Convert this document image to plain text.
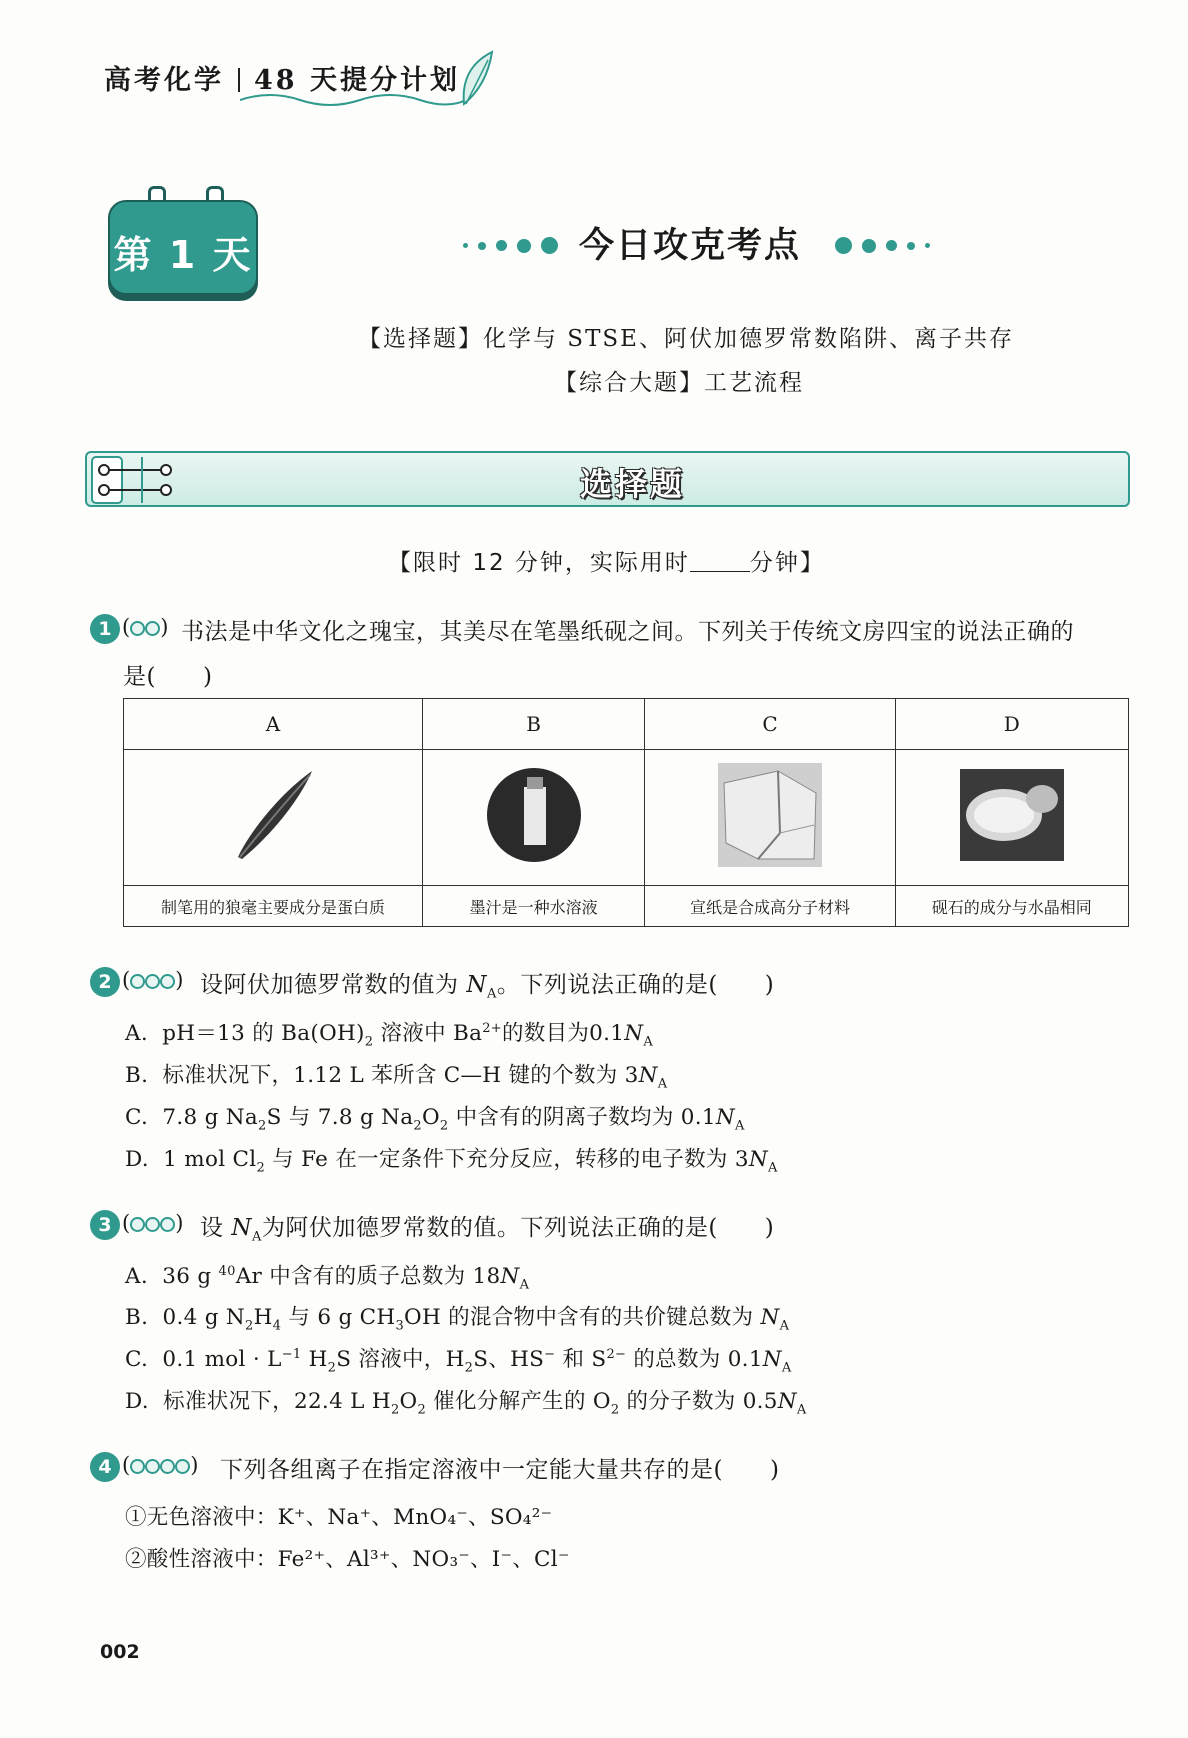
高考化学 48 天提分计划
第 1 天	今日攻克考点
【选择题】化学与 STSE、阿伏加德罗常数陷阱、离子共存
【综合大题】工艺流程
选择题
【限时 12 分钟，实际用时	分钟】
1 ( ) 书法是中华文化之瑰宝，其美尽在笔墨纸砚之间。下列关于传统文房四宝的说法正确的
是(　　)
A	B	C	D

制笔用的狼毫主要成分是蛋白质	墨汁是一种水溶液	宣纸是合成高分子材料	砚石的成分与水晶相同
2 ( ) 设阿伏加德罗常数的值为 $N_A$。下列说法正确的是(　　)
A.  pH＝13 的 $Ba(OH)_2$ 溶液中 $Ba^{2+}$的数目为$0.1N_A$
B.  标准状况下，1.12 L 苯所含 C—H 键的个数为 $3N_A$
C.  7.8 g $Na_2S$ 与 7.8 g $Na_2O_2$ 中含有的阴离子数均为 $0.1N_A$
D.  1 mol $Cl_2$ 与 Fe 在一定条件下充分反应，转移的电子数为 $3N_A$
3 ( ) 设 $N_A$为阿伏加德罗常数的值。下列说法正确的是(　　)
A.  36 g $^{40}$Ar 中含有的质子总数为 $18N_A$
B.  0.4 g $N_2H_4$ 与 6 g $CH_3OH$ 的混合物中含有的共价键总数为 $N_A$
C.  0.1 mol · $L^{-1}$ $H_2S$ 溶液中，$H_2S$、HS− 和 $S^{2-}$ 的总数为 $0.1N_A$
D.  标准状况下，22.4 L $H_2O_2$ 催化分解产生的 $O_2$ 的分子数为 $0.5N_A$
4 (	) 下列各组离子在指定溶液中一定能大量共存的是(　　)
①无色溶液中：K⁺、Na⁺、MnO₄⁻、SO₄²⁻
②酸性溶液中：Fe²⁺、Al³⁺、NO₃⁻、I⁻、Cl⁻
002
